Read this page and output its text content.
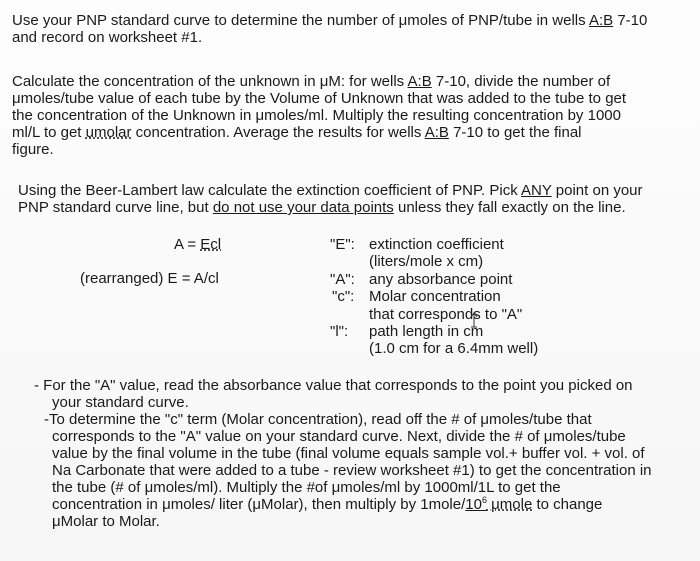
Use your PNP standard curve to determine the number of μmoles of PNP/tube in wells A:B 7-10

and record on worksheet #1.

Calculate the concentration of the unknown in μM: for wells A:B 7-10, divide the number of

μmoles/tube value of each tube by the Volume of Unknown that was added to the tube to get

the concentration of the Unknown in μmoles/ml. Multiply the resulting concentration by 1000

ml/L to get umolar concentration. Average the results for wells A:B 7-10 to get the final

figure.

Using the Beer-Lambert law calculate the extinction coefficient of PNP. Pick ANY point on your

PNP standard curve line, but do not use your data points unless they fall exactly on the line.

A = Ecl

(rearranged) E = A/cl

"E": extinction coefficient

(liters/mole x cm)

"A": any absorbance point

"c": Molar concentration

that corresponds to "A"

"l": path length in cm

(1.0 cm for a 6.4mm well)

- For the "A" value, read the absorbance value that corresponds to the point you picked on

your standard curve.

-To determine the "c" term (Molar concentration), read off the # of μmoles/tube that

corresponds to the "A" value on your standard curve. Next, divide the # of μmoles/tube

value by the final volume in the tube (final volume equals sample vol.+ buffer vol. + vol. of

Na Carbonate that were added to a tube - review worksheet #1) to get the concentration in

the tube (# of μmoles/ml). Multiply the #of μmoles/ml by 1000ml/1L to get the

concentration in μmoles/ liter (μMolar), then multiply by $1mole/10^6$ μmole to change

μMolar to Molar.
